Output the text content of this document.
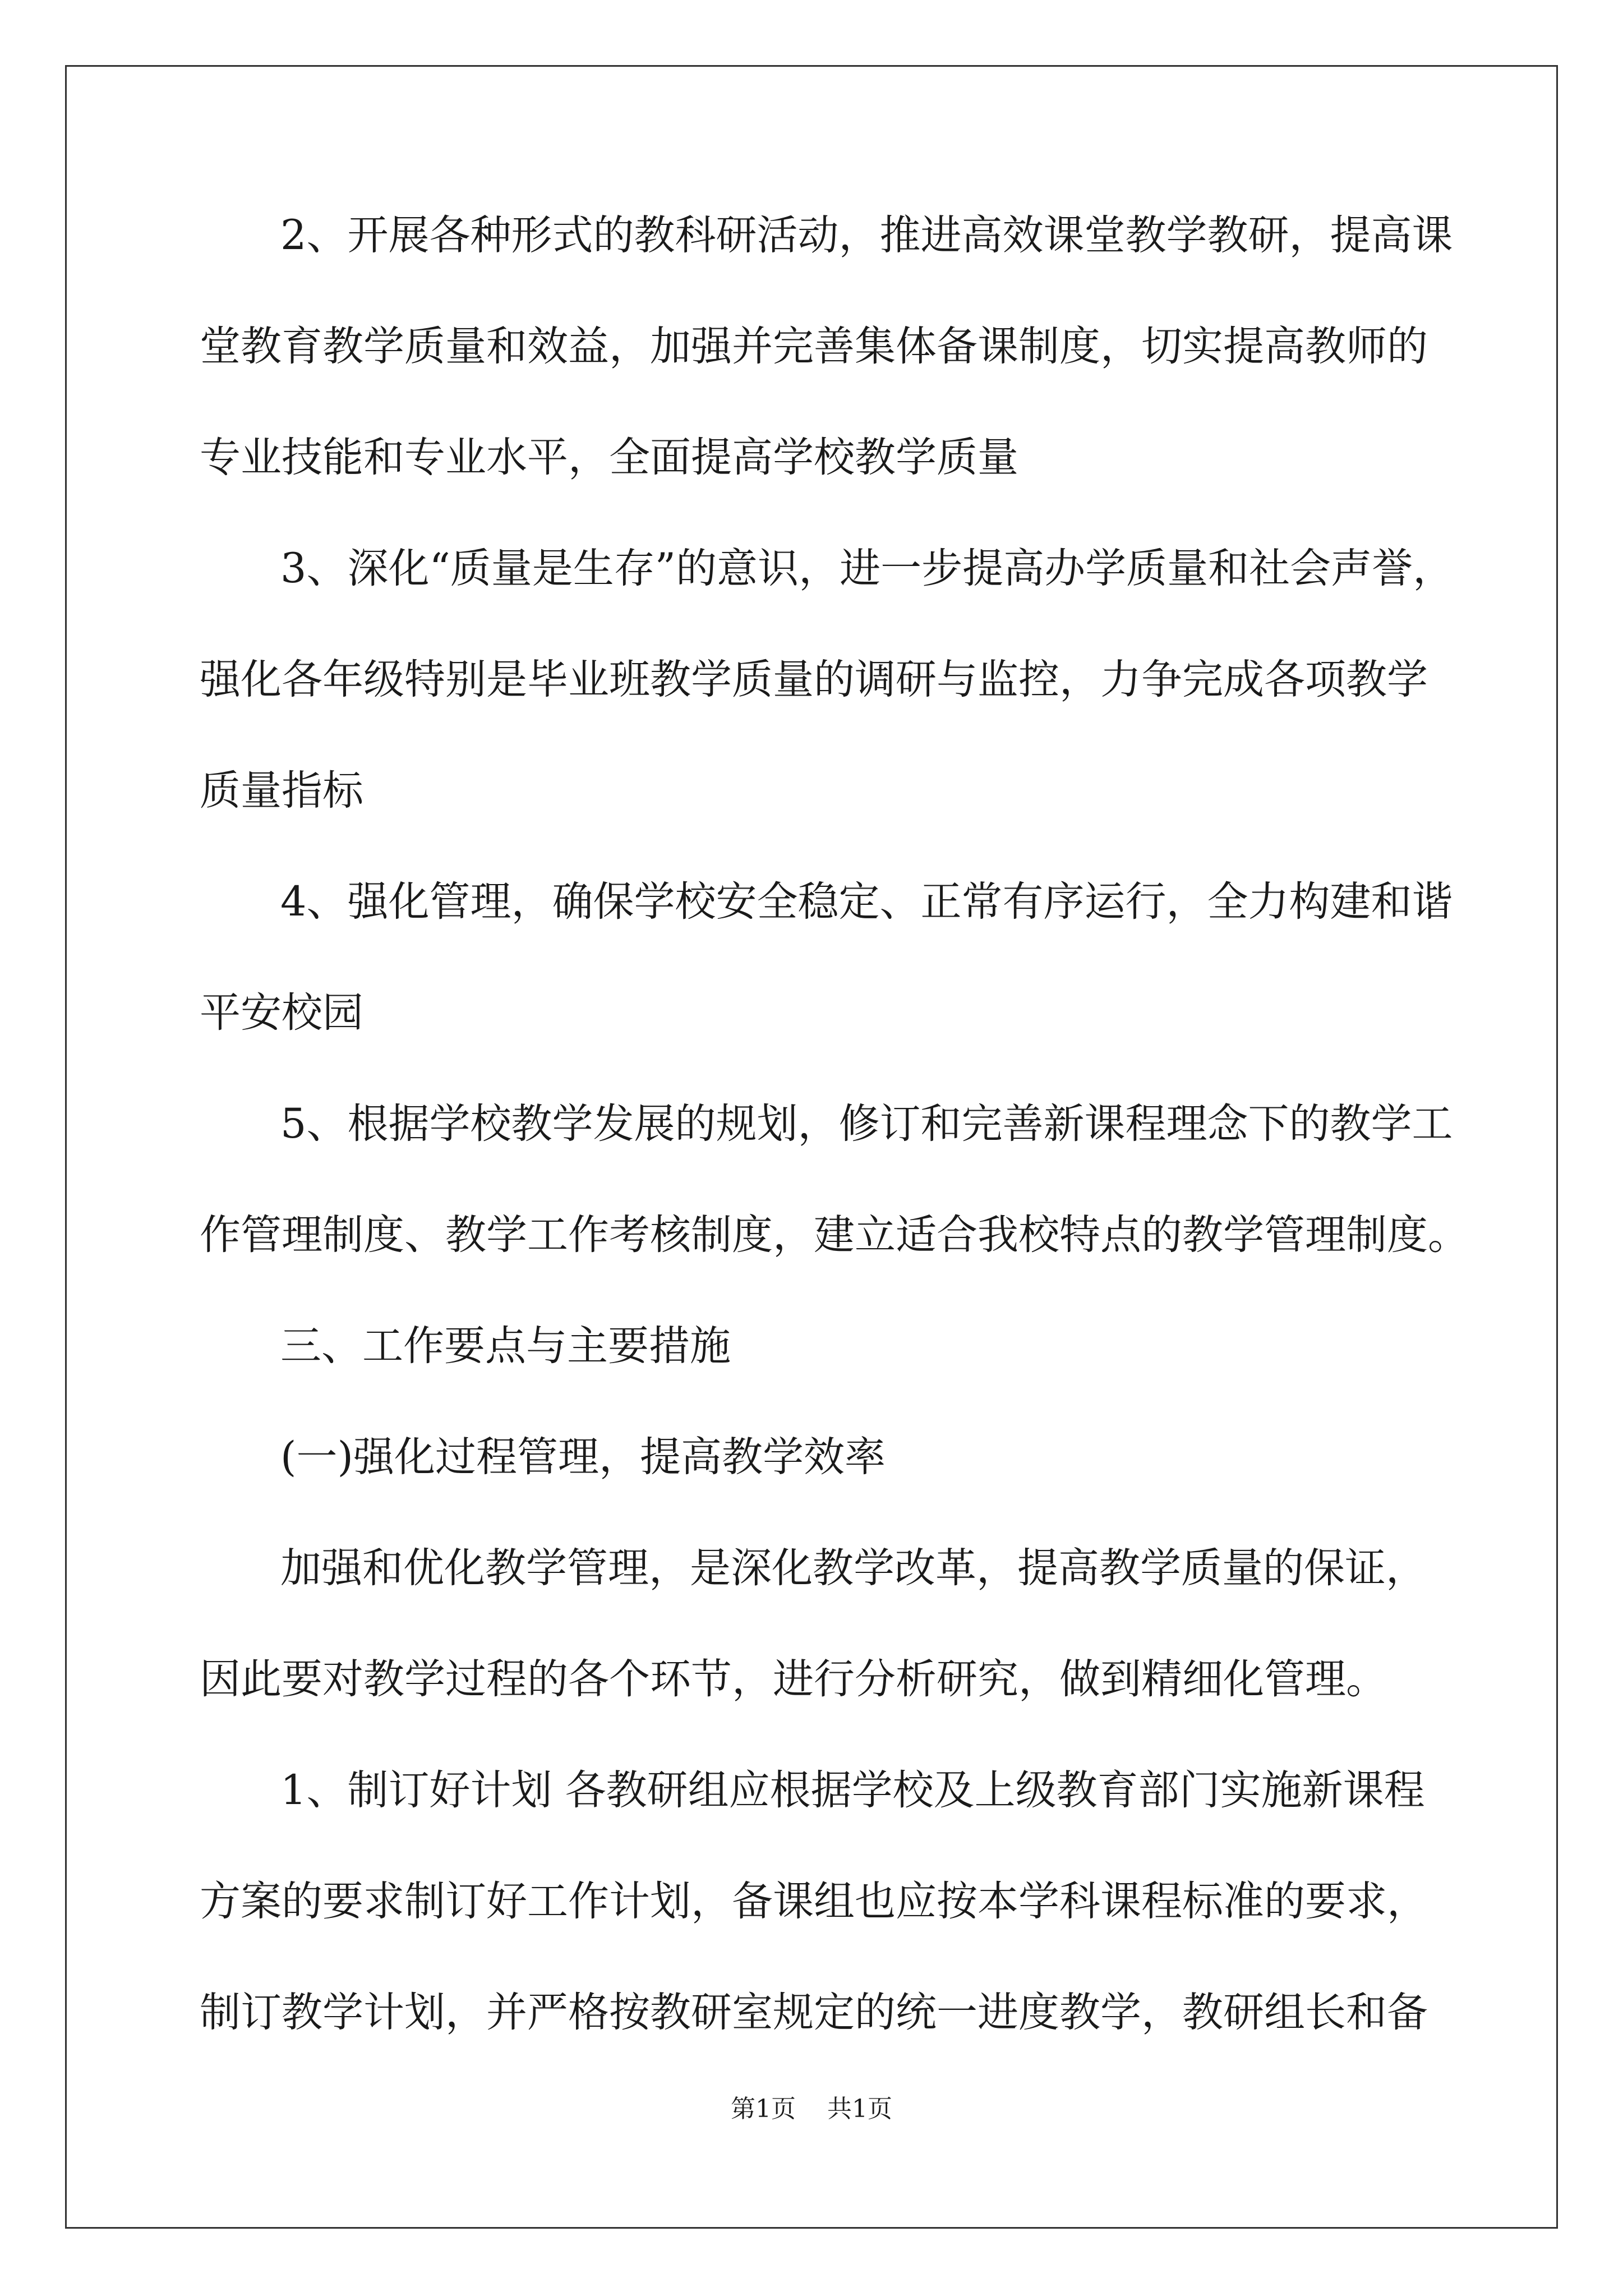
2、开展各种形式的教科研活动，推进高效课堂教学教研，提高课
堂教育教学质量和效益，加强并完善集体备课制度，切实提高教师的
专业技能和专业水平，全面提高学校教学质量
3、深化“质量是生存”的意识，进一步提高办学质量和社会声誉，
强化各年级特别是毕业班教学质量的调研与监控，力争完成各项教学
质量指标
4、强化管理，确保学校安全稳定、正常有序运行，全力构建和谐
平安校园
5、根据学校教学发展的规划，修订和完善新课程理念下的教学工
作管理制度、教学工作考核制度，建立适合我校特点的教学管理制度。
三、工作要点与主要措施
(一)强化过程管理，提高教学效率
加强和优化教学管理，是深化教学改革，提高教学质量的保证，
因此要对教学过程的各个环节，进行分析研究，做到精细化管理。
1、制订好计划 各教研组应根据学校及上级教育部门实施新课程
方案的要求制订好工作计划，备课组也应按本学科课程标准的要求，
制订教学计划，并严格按教研室规定的统一进度教学，教研组长和备
第1页 共1页
